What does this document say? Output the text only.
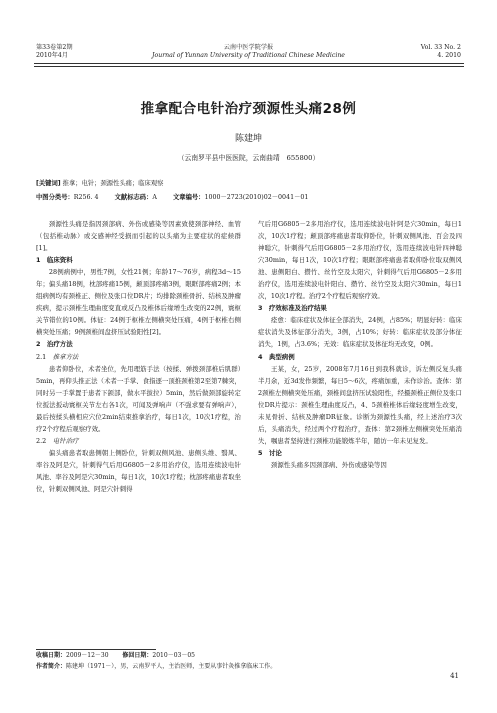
第33卷第2期
2010年4月
云南中医学院学报
Journal of Yunnan University of Traditional Chinese Medicine
Vol. 33 No. 2
4. 2010
推拿配合电针治疗颈源性头痛28例
陈建坤
（云南罗平县中医医院，云南曲靖　655800）
[关键词] 推拿；电针；颈源性头痛；临床观察
中图分类号：R256. 4	文献标志码：A	文章编号：1000－2723(2010)02－0041－01

颈源性头痛是指因颈部病、外伤或感染等因素致使颈部神经、血管（包括椎动脉）或交感神经受损而引起的以头痛为主要症状的症候群[1]。

1　临床资料

28例病例中，男性7例，女性21例；年龄17～76岁，病程3d～15年；偏头痛18例，枕部疼痛15例，颠顶部疼痛3例，眼眶部疼痛2例；本组病例均有颈椎正、侧位及张口位DR片；均排除颈椎骨折、结核及肿瘤疾病，提示颈椎生理曲度变直或反凸及椎体后缘增生改变的22例，寰枢关节错位的10例。体征：24例于枢椎左侧横突处压痛，4例于枢椎右侧横突处压痛；9例颈椎间盘挤压试验阳性[2]。

2　治疗方法

2.1　 推拿方法

患者仰卧位，术者坐位，先用理筋手法（按揉、弹拨颈部椎后肌群）5min，再仰头推正法（术者一手掌、食指逐一顶推颈椎第2至第7棘突，同时另一手掌置于患者下颌部，做水平拔拉）5min，然后做颈部旋转定位扳法扳动寰枢关节左右各1次，可闻及弹响声（不强求要有弹响声），最后按揉头横相应穴位2min结束推拿治疗，每日1次，10次1疗程，治疗2个疗程后观察疗效。

2.2　 电针治疗

偏头痛患者取患侧朝上侧卧位，针刺双侧风池、患侧头维、翳风、率谷及阿是穴，针刺得气后用G6805－2多用治疗仪，选用连续波电针风池、率谷及阿是穴30min，每日1次，10次1疗程；枕部疼痛患者取坐位，针刺双侧风池、阿是穴针刺得

气后用G6805－2多用治疗仪，选用连续波电针阿是穴30min，每日1次，10次1疗程；颠顶部疼痛患者取仰卧位，针刺双侧风池、百会及四神聪穴，针刺得气后用G6805－2多用治疗仪，选用连续波电针四神聪穴30min，每日1次，10次1疗程；眼眶部疼痛患者取仰卧位取双侧风池、患侧阳白、攒竹、丝竹空及太阳穴，针刺得气后用G6805－2多用治疗仪，选用连续波电针阳白、攒竹、丝竹空及太阳穴30min，每日1次，10次1疗程。治疗2个疗程后观察疗效。

3　疗效标准及治疗结果

痊愈：临床症状及体征全部消失，24例，占85%；明显好转：临床症状消失及体征部分消失，3例，占10%；好转：临床症状及部分体征消失，1例，占3.6%；无效：临床症状及体征均无改变，0例。

4　典型病例

王某，女，25岁，2008年7月16日到我科就诊，诉左侧反复头痛半月余，近3d发作频繁，每日5～6次，疼痛加重，未作诊治。查体：第2颈椎左侧横突处压痛，颈椎间盘挤压试验阳性，经摄颈椎正侧位及张口位DR片提示：颈椎生理曲度反凸，4、5颈椎椎体后缘轻度增生改变，未见骨折、结核及肿瘤DR征象。诊断为颈源性头痛，经上述治疗3次后，头痛消失，经过两个疗程治疗，查体：第2颈椎左侧横突处压痛消失，嘱患者坚持进行颈椎功能锻炼半年，随访一年未见复发。

5　讨论

颈源性头痛多因颈部病、外伤或感染等因

收稿日期：2009－12－30 修回日期：2010－03－05
作者简介：陈建坤（1971－），男，云南罗平人，主治医师，主要从事针灸推拿临床工作。
41
